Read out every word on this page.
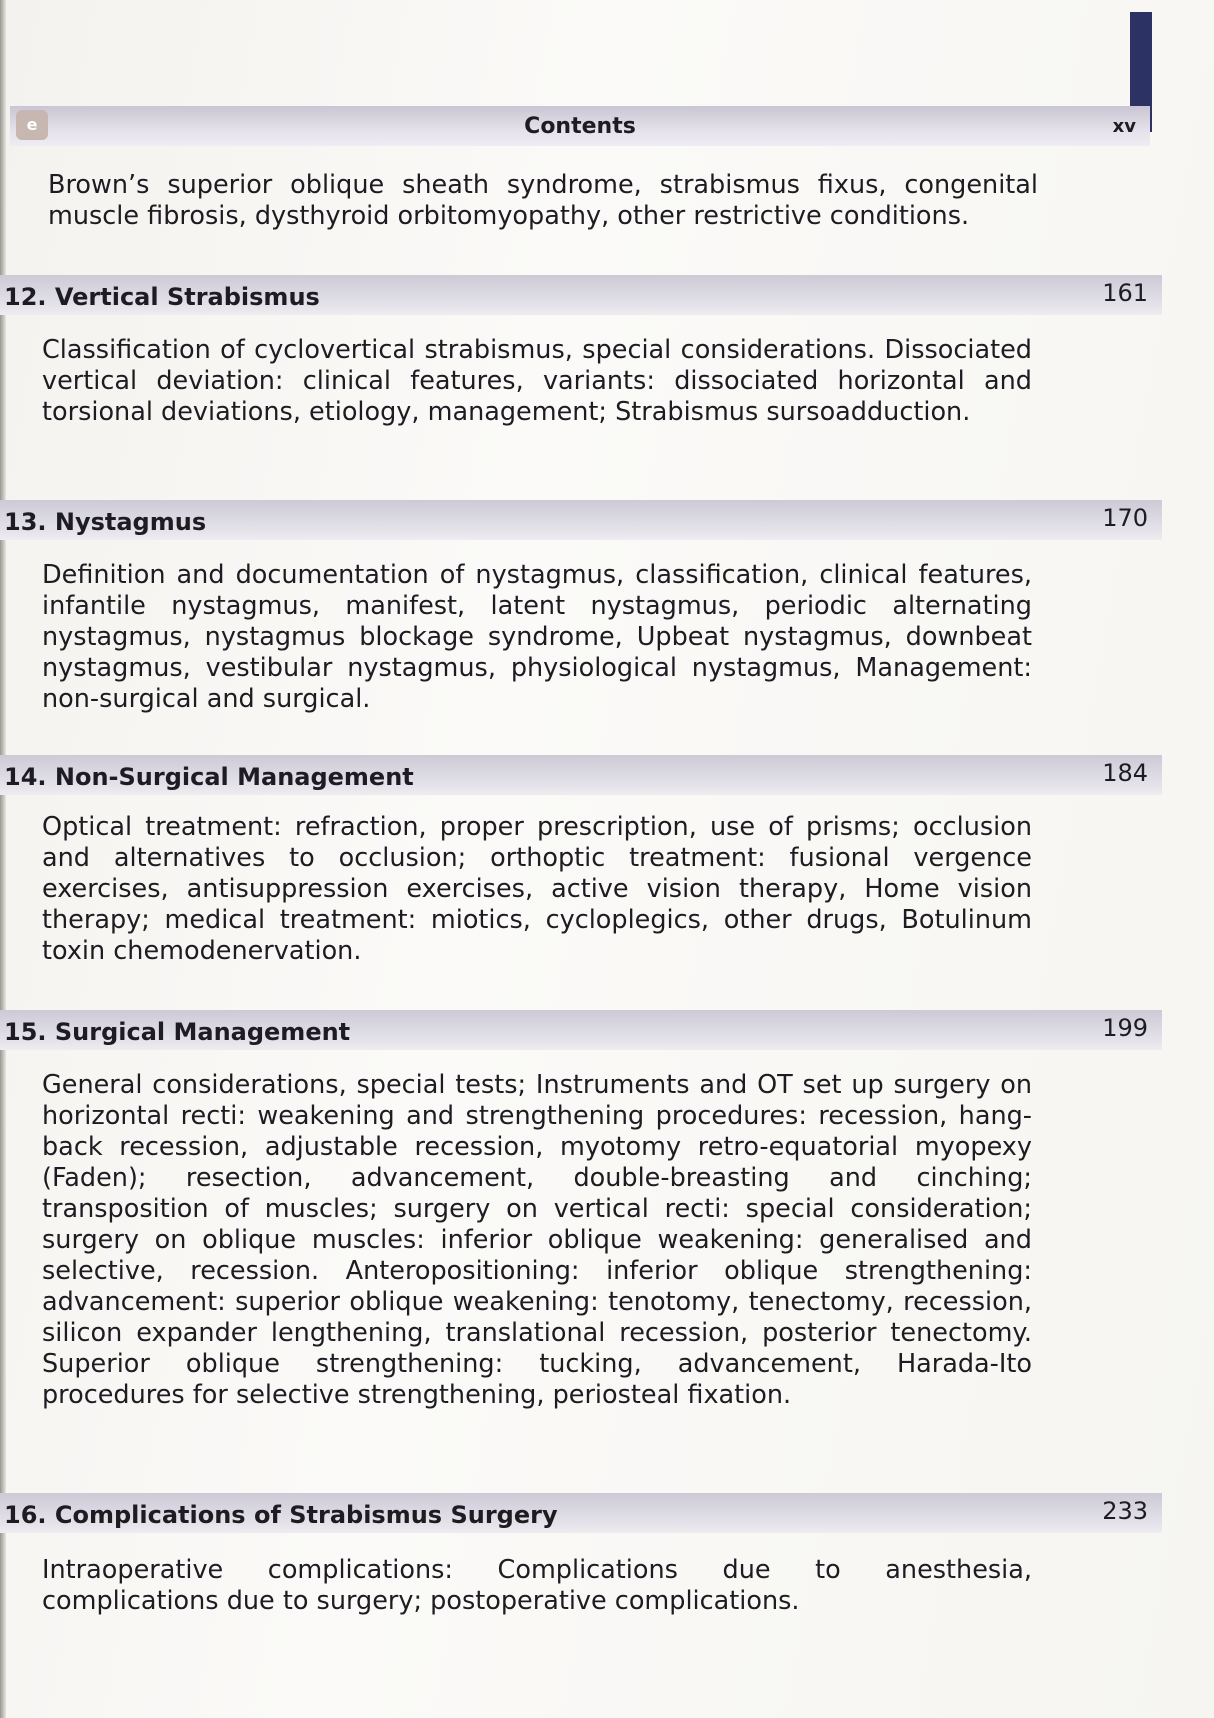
e	Contents	xv
Brown’s superior oblique sheath syndrome, strabismus fixus, congenital muscle fibrosis, dysthyroid orbitomyopathy, other restrictive conditions.
12. Vertical Strabismus	161
Classification of cyclovertical strabismus, special considerations. Dissociated vertical deviation: clinical features, variants: dissociated horizontal and torsional deviations, etiology, management; Strabismus sursoadduction.
13. Nystagmus	170
Definition and documentation of nystagmus, classification, clinical features, infantile nystagmus, manifest, latent nystagmus, periodic alternating nystagmus, nystagmus blockage syndrome, Upbeat nystagmus, downbeat nystagmus, vestibular nystagmus, physiological nystagmus, Management: non-surgical and surgical.
14. Non-Surgical Management	184
Optical treatment: refraction, proper prescription, use of prisms; occlusion and alternatives to occlusion; orthoptic treatment: fusional vergence exercises, antisuppression exercises, active vision therapy, Home vision therapy; medical treatment: miotics, cycloplegics, other drugs, Botulinum toxin chemodenervation.
15. Surgical Management	199
General considerations, special tests; Instruments and OT set up surgery on horizontal recti: weakening and strengthening procedures: recession, hang-back recession, adjustable recession, myotomy retro-equatorial myopexy (Faden); resection, advancement, double-breasting and cinching; transposition of muscles; surgery on vertical recti: special consideration; surgery on oblique muscles: inferior oblique weakening: generalised and selective, recession. Anteropositioning: inferior oblique strengthening: advancement: superior oblique weakening: tenotomy, tenectomy, recession, silicon expander lengthening, translational recession, posterior tenectomy. Superior oblique strengthening: tucking, advancement, Harada-Ito procedures for selective strengthening, periosteal fixation.
16. Complications of Strabismus Surgery	233
Intraoperative complications: Complications due to anesthesia, complications due to surgery; postoperative complications.
